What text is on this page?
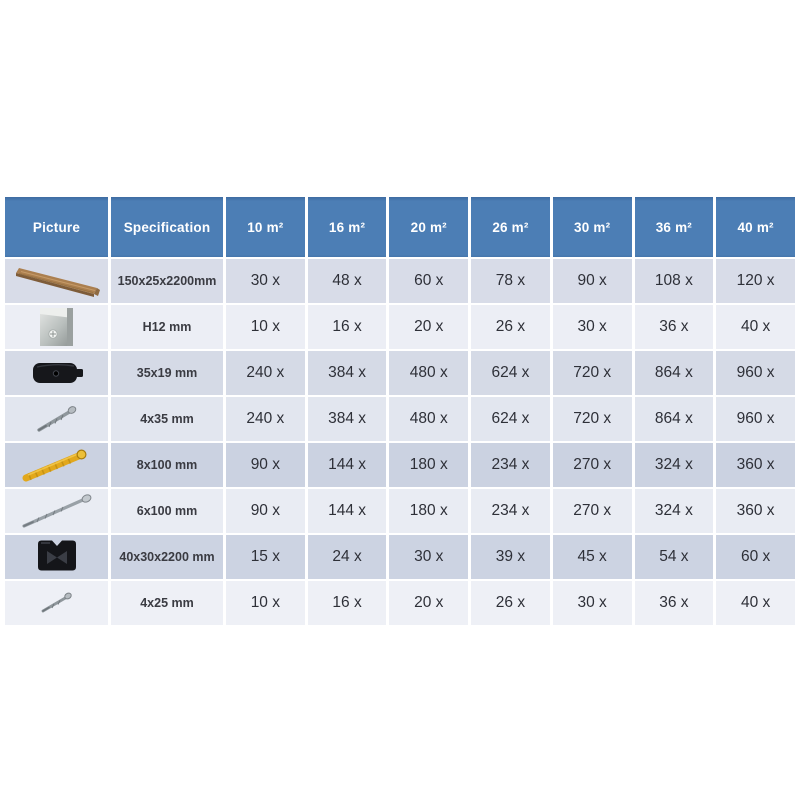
Picture	Specification	10 m²	16 m²	20 m²	26 m²	30 m²	36 m²	40 m²

	150x25x2200mm	30 x	48 x	60 x	78 x	90 x	108 x	120 x

	H12 mm	10 x	16 x	20 x	26 x	30 x	36 x	40 x

	35x19 mm	240 x	384 x	480 x	624 x	720 x	864 x	960 x

	4x35 mm	240 x	384 x	480 x	624 x	720 x	864 x	960 x

	8x100 mm	90 x	144 x	180 x	234 x	270 x	324 x	360 x

	6x100 mm	90 x	144 x	180 x	234 x	270 x	324 x	360 x

	40x30x2200 mm	15 x	24 x	30 x	39 x	45 x	54 x	60 x

	4x25 mm	10 x	16 x	20 x	26 x	30 x	36 x	40 x
